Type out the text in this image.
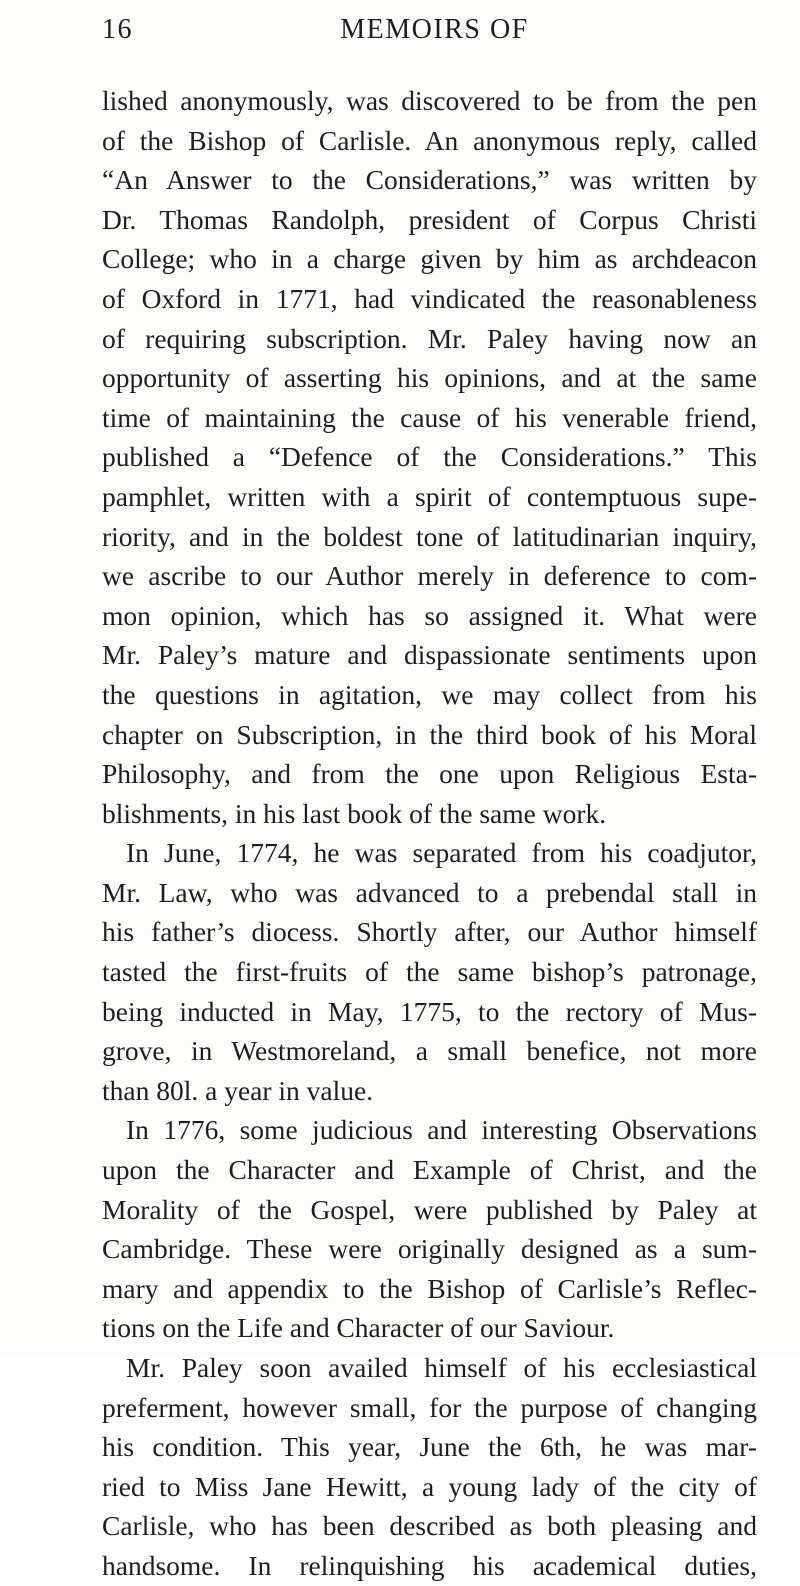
16	MEMOIRS OF
lished anonymously, was discovered to be from the pen
of the Bishop of Carlisle. An anonymous reply, called
“An Answer to the Considerations,” was written by
Dr. Thomas Randolph, president of Corpus Christi
College; who in a charge given by him as archdeacon
of Oxford in 1771, had vindicated the reasonableness
of requiring subscription. Mr. Paley having now an
opportunity of asserting his opinions, and at the same
time of maintaining the cause of his venerable friend,
published a “Defence of the Considerations.” This
pamphlet, written with a spirit of contemptuous supe-
riority, and in the boldest tone of latitudinarian inquiry,
we ascribe to our Author merely in deference to com-
mon opinion, which has so assigned it. What were
Mr. Paley’s mature and dispassionate sentiments upon
the questions in agitation, we may collect from his
chapter on Subscription, in the third book of his Moral
Philosophy, and from the one upon Religious Esta-
blishments, in his last book of the same work.
In June, 1774, he was separated from his coadjutor,
Mr. Law, who was advanced to a prebendal stall in
his father’s diocess. Shortly after, our Author himself
tasted the first-fruits of the same bishop’s patronage,
being inducted in May, 1775, to the rectory of Mus-
grove, in Westmoreland, a small benefice, not more
than 80l. a year in value.
In 1776, some judicious and interesting Observations
upon the Character and Example of Christ, and the
Morality of the Gospel, were published by Paley at
Cambridge. These were originally designed as a sum-
mary and appendix to the Bishop of Carlisle’s Reflec-
tions on the Life and Character of our Saviour.
Mr. Paley soon availed himself of his ecclesiastical
preferment, however small, for the purpose of changing
his condition. This year, June the 6th, he was mar-
ried to Miss Jane Hewitt, a young lady of the city of
Carlisle, who has been described as both pleasing and
handsome. In relinquishing his academical duties,
